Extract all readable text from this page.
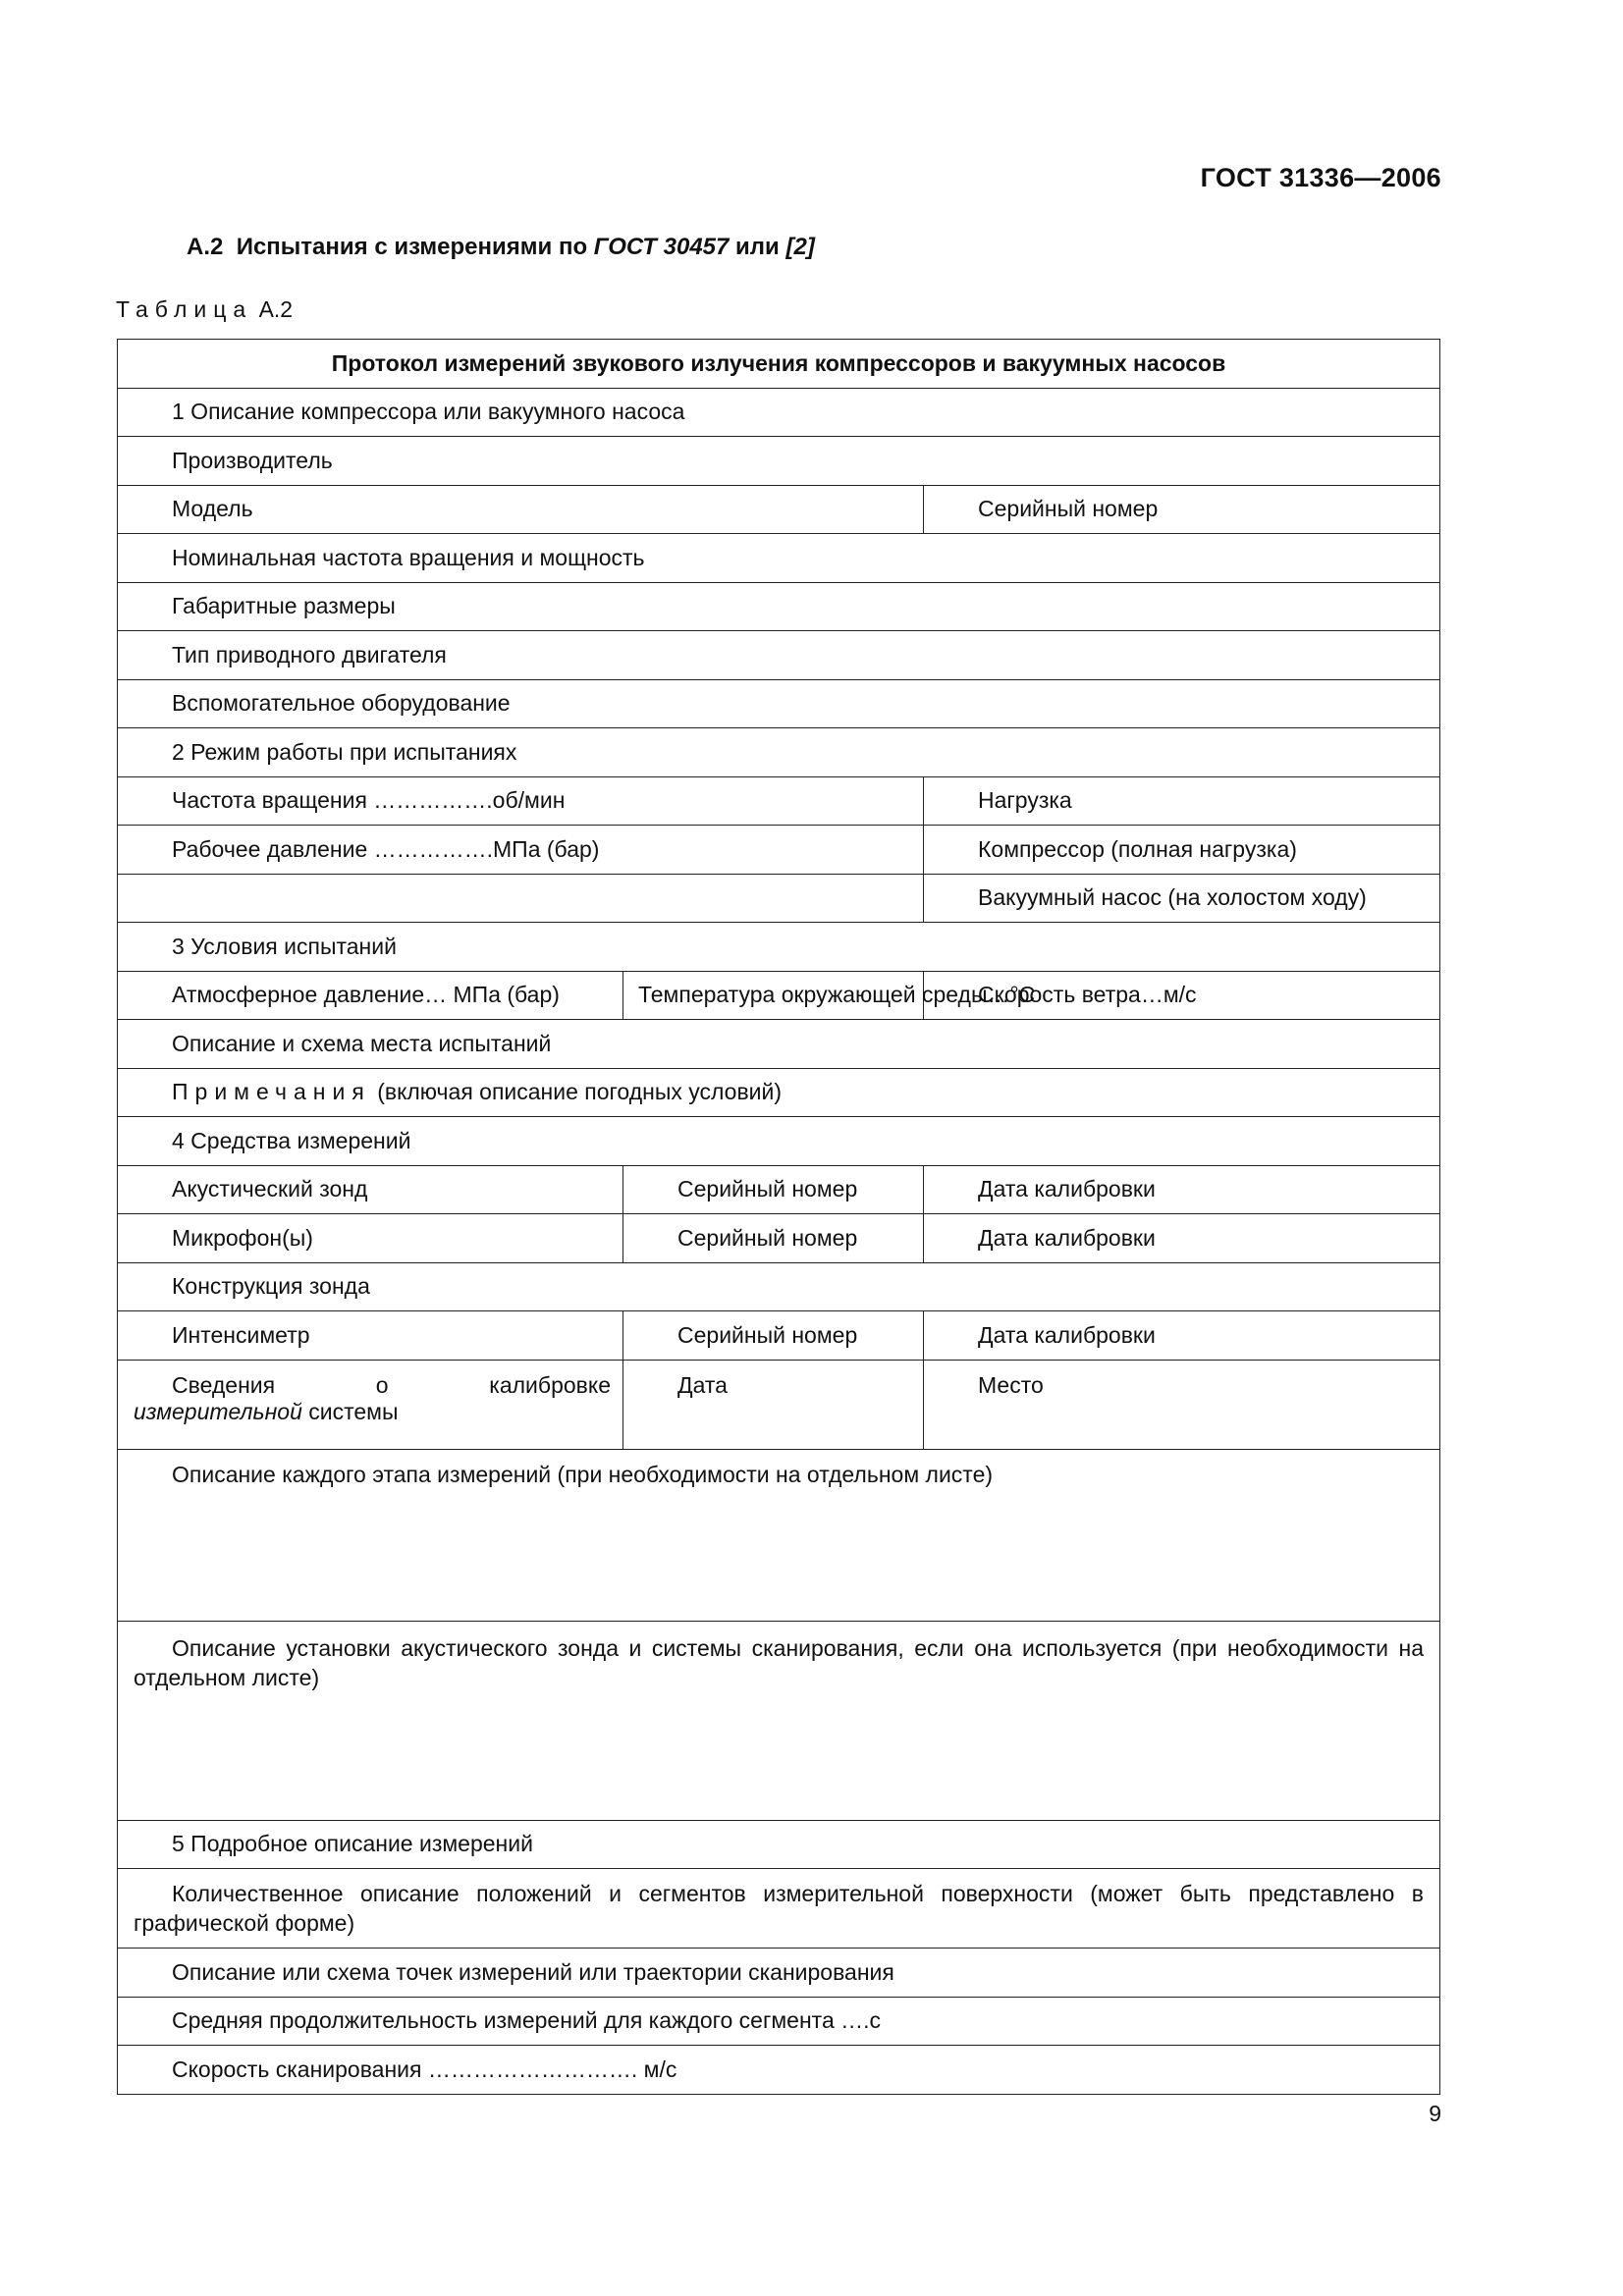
ГОСТ 31336—2006
А.2 Испытания с измерениями по ГОСТ 30457 или [2]
Таблица А.2
Протокол измерений звукового излучения компрессоров и вакуумных насосов		
1 Описание компрессора или вакуумного насоса		
Производитель		
Модель		Серийный номер
Номинальная частота вращения и мощность		
Габаритные размеры		
Тип приводного двигателя		
Вспомогательное оборудование		
2 Режим работы при испытаниях		
Частота вращения …………….об/мин		Нагрузка
Рабочее давление …………….МПа (бар)		Компрессор (полная нагрузка)
		Вакуумный насос (на холостом ходу)
3 Условия испытаний		
Атмосферное давление… МПа (бар)	Температура окружающей среды…°С	Скорость ветра…м/с
Описание и схема места испытаний		
Примечания (включая описание погодных условий)		
4 Средства измерений		
Акустический зонд	Серийный номер	Дата калибровки
Микрофон(ы)	Серийный номер	Дата калибровки
Конструкция зонда		
Интенсиметр	Серийный номер	Дата калибровки

Сведения о калибровке
измерительной системы	Дата	Место
Описание каждого этапа измерений (при необходимости на отдельном листе)		
Описание установки акустического зонда и системы сканирования, если она используется (при необходимости на отдельном листе)		
5 Подробное описание измерений		
Количественное описание положений и сегментов измерительной поверхности (может быть представлено в графической форме)		
Описание или схема точек измерений или траектории сканирования		
Средняя продолжительность измерений для каждого сегмента ….с		
Скорость сканирования ………………………. м/с		
9
